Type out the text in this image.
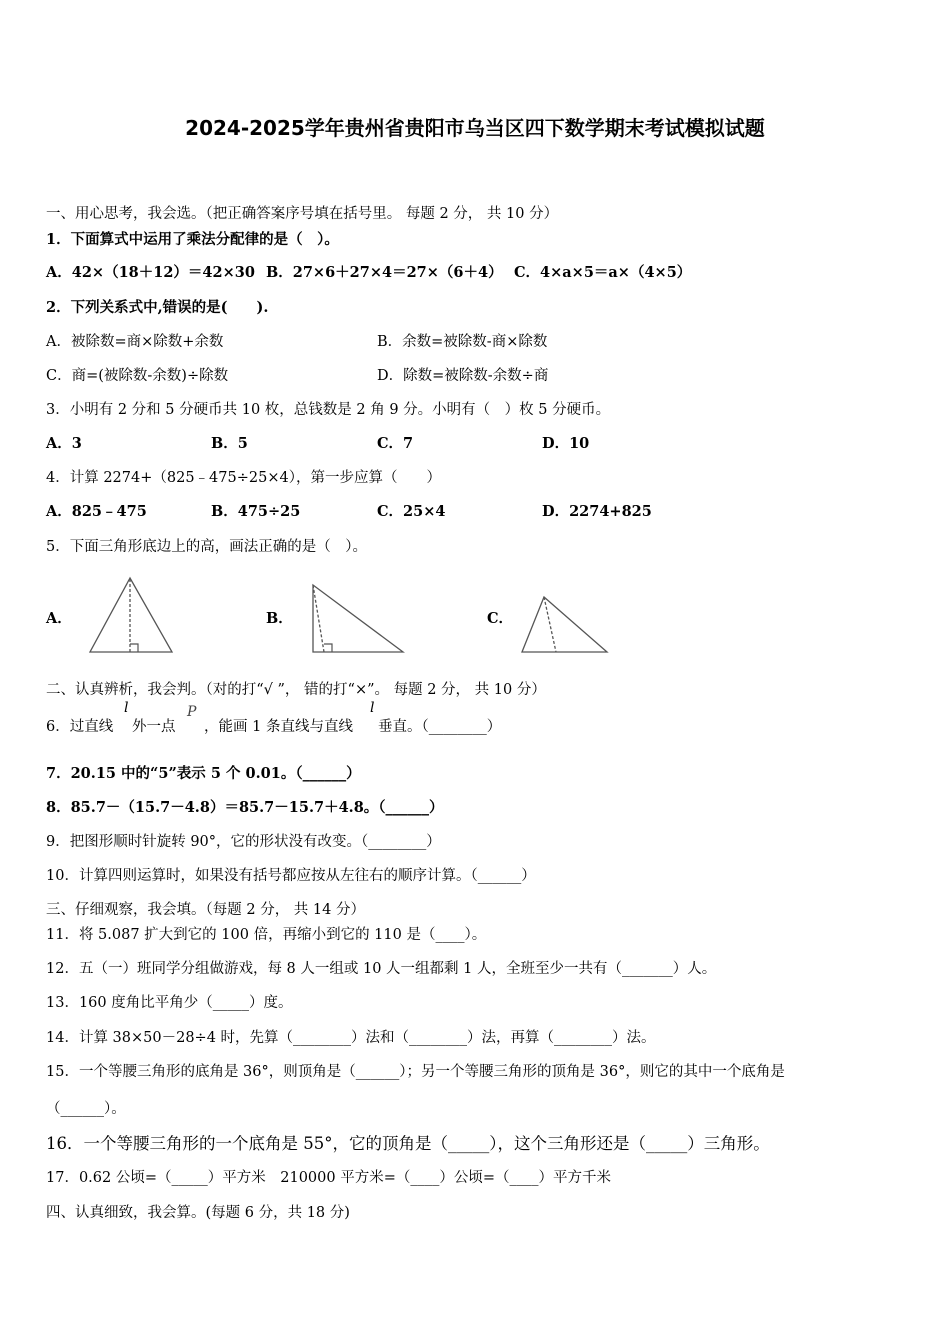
2024-2025学年贵州省贵阳市乌当区四下数学期末考试模拟试题
一、用心思考，我会选。（把正确答案序号填在括号里。 每题 2 分， 共 10 分）
1．下面算式中运用了乘法分配律的是（　）。
A．42×（18＋12）＝42×30 B．27×6＋27×4＝27×（6＋4） C．4×a×5＝a×（4×5）
2．下列关系式中,错误的是(　　).
A．被除数=商×除数+余数	B．余数=被除数-商×除数
C．商=(被除数-余数)÷除数	D．除数=被除数-余数÷商
3．小明有 2 分和 5 分硬币共 10 枚，总钱数是 2 角 9 分。小明有（　）枚 5 分硬币。
A．3	B．5	C．7	D．10
4．计算 2274+（825﹣475÷25×4），第一步应算（　　）
A．825﹣475	B．475÷25	C．25×4	D．2274+825
5．下面三角形底边上的高，画法正确的是（　）。
A．	B．	C．
二、认真辨析，我会判。（对的打“√ ”， 错的打“×”。 每题 2 分， 共 10 分）
6．过直线
l
外一点
P
，能画 1 条直线与直线
l
垂直。（________）
7．20.15 中的“5”表示 5 个 0.01。（______）
8．85.7－（15.7－4.8）＝85.7－15.7＋4.8。（______）
9．把图形顺时针旋转 90°，它的形状没有改变。（________）
10．计算四则运算时，如果没有括号都应按从左往右的顺序计算。（______）
三、仔细观察，我会填。（每题 2 分， 共 14 分）
11．将 5.087 扩大到它的 100 倍，再缩小到它的 110 是（____）。
12．五（一）班同学分组做游戏，每 8 人一组或 10 人一组都剩 1 人，全班至少一共有（_______）人。
13．160 度角比平角少（_____）度。
14．计算 38×50－28÷4 时，先算（________）法和（________）法，再算（________）法。
15．一个等腰三角形的底角是 36°，则顶角是（______）；另一个等腰三角形的顶角是 36°，则它的其中一个底角是
（______）。
16．一个等腰三角形的一个底角是 55°，它的顶角是（_____），这个三角形还是（_____）三角形。
17．0.62 公顷=（_____）平方米　210000 平方米=（____）公顷=（____）平方千米
四、认真细致，我会算。(每题 6 分，共 18 分)
